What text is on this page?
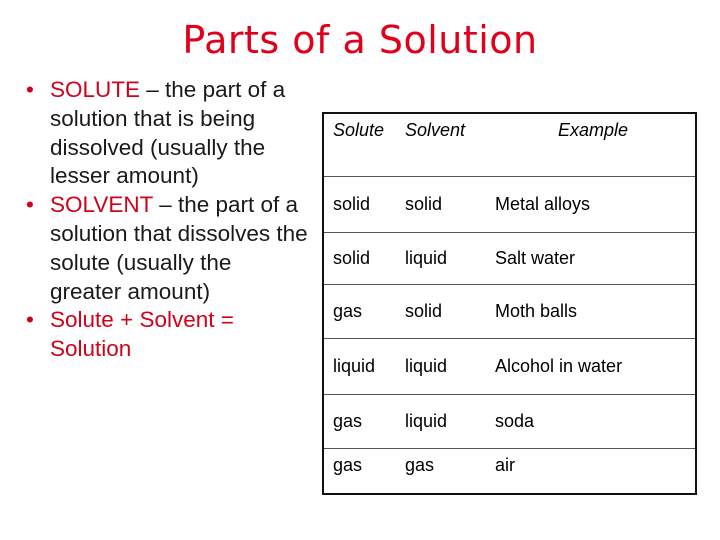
Parts of a Solution

• SOLUTE – the part of a solution that is being dissolved (usually the lesser amount)

• SOLVENT – the part of a solution that dissolves the solute (usually the greater amount)

• Solute + Solvent = Solution

Solute	Solvent	Example
solid	solid	Metal alloys
solid	liquid	Salt water
gas	solid	Moth balls
liquid	liquid	Alcohol in water
gas	liquid	soda
gas	gas	air
